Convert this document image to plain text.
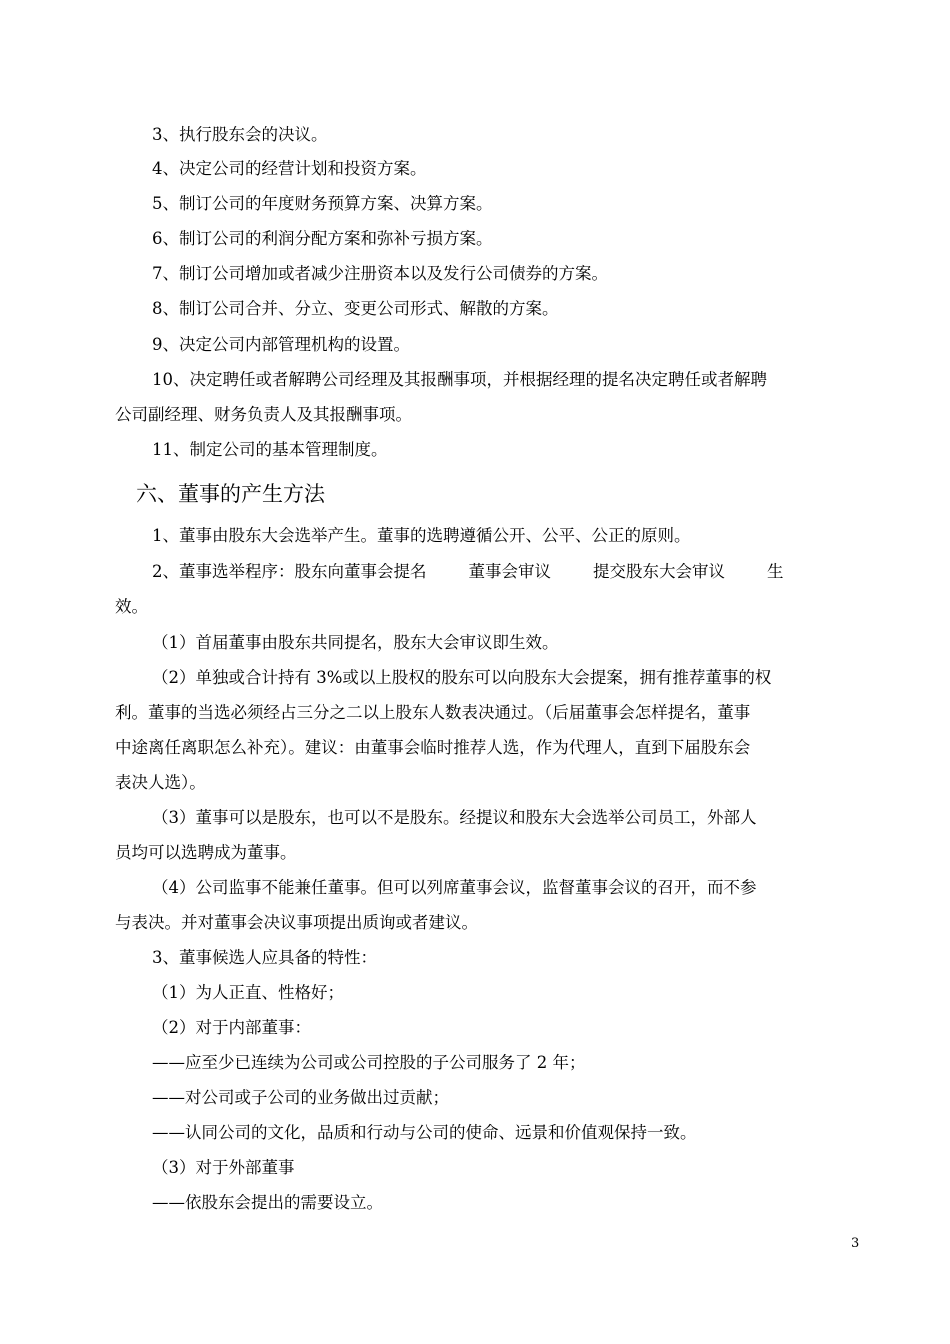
3、执行股东会的决议。
4、决定公司的经营计划和投资方案。
5、制订公司的年度财务预算方案、决算方案。
6、制订公司的利润分配方案和弥补亏损方案。
7、制订公司增加或者减少注册资本以及发行公司债券的方案。
8、制订公司合并、分立、变更公司形式、解散的方案。
9、决定公司内部管理机构的设置。
10、决定聘任或者解聘公司经理及其报酬事项，并根据经理的提名决定聘任或者解聘
公司副经理、财务负责人及其报酬事项。
11、制定公司的基本管理制度。
六、董事的产生方法
1、董事由股东大会选举产生。董事的选聘遵循公开、公平、公正的原则。
2、董事选举程序：股东向董事会提名	董事会审议	提交股东大会审议	生
效。
（1）首届董事由股东共同提名，股东大会审议即生效。
（2）单独或合计持有 3%或以上股权的股东可以向股东大会提案，拥有推荐董事的权
利。董事的当选必须经占三分之二以上股东人数表决通过。（后届董事会怎样提名，董事
中途离任离职怎么补充）。建议：由董事会临时推荐人选，作为代理人，直到下届股东会
表决人选）。
（3）董事可以是股东，也可以不是股东。经提议和股东大会选举公司员工，外部人
员均可以选聘成为董事。
（4）公司监事不能兼任董事。但可以列席董事会议，监督董事会议的召开，而不参
与表决。并对董事会决议事项提出质询或者建议。
3、董事候选人应具备的特性：
（1）为人正直、性格好；
（2）对于内部董事：
——应至少已连续为公司或公司控股的子公司服务了 2 年；
——对公司或子公司的业务做出过贡献；
——认同公司的文化，品质和行动与公司的使命、远景和价值观保持一致。
（3）对于外部董事
——依股东会提出的需要设立。
3
